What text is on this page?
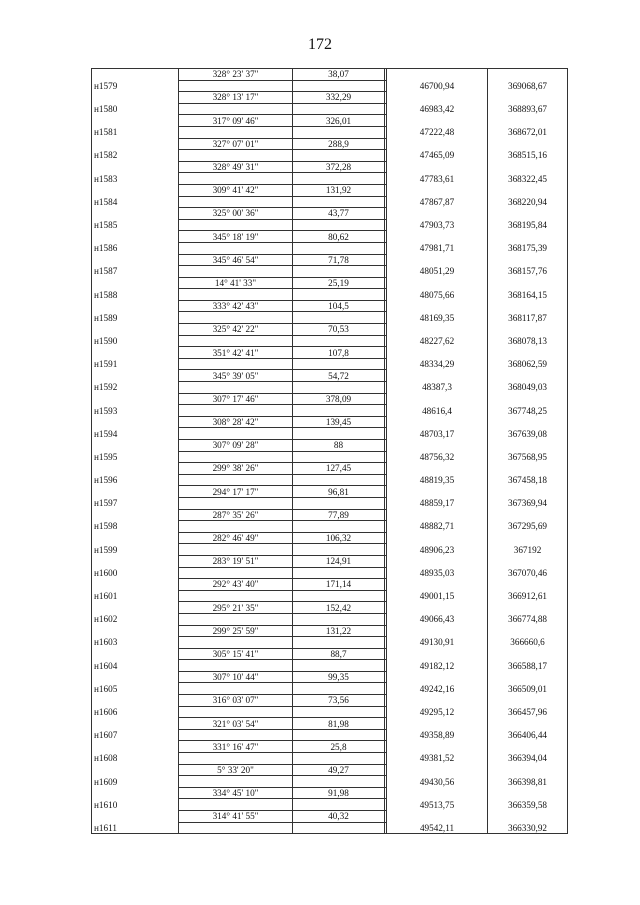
172
	328° 23' 37"	38,07			
н1579				46700,94	369068,67
	328° 13' 17"	332,29			
н1580				46983,42	368893,67
	317° 09' 46"	326,01			
н1581				47222,48	368672,01
	327° 07' 01"	288,9			
н1582				47465,09	368515,16
	328° 49' 31"	372,28			
н1583				47783,61	368322,45
	309° 41' 42"	131,92			
н1584				47867,87	368220,94
	325° 00' 36"	43,77			
н1585				47903,73	368195,84
	345° 18' 19"	80,62			
н1586				47981,71	368175,39
	345° 46' 54"	71,78			
н1587				48051,29	368157,76
	14° 41' 33"	25,19			
н1588				48075,66	368164,15
	333° 42' 43"	104,5			
н1589				48169,35	368117,87
	325° 42' 22"	70,53			
н1590				48227,62	368078,13
	351° 42' 41"	107,8			
н1591				48334,29	368062,59
	345° 39' 05"	54,72			
н1592				48387,3	368049,03
	307° 17' 46"	378,09			
н1593				48616,4	367748,25
	308° 28' 42"	139,45			
н1594				48703,17	367639,08
	307° 09' 28"	88			
н1595				48756,32	367568,95
	299° 38' 26"	127,45			
н1596				48819,35	367458,18
	294° 17' 17"	96,81			
н1597				48859,17	367369,94
	287° 35' 26"	77,89			
н1598				48882,71	367295,69
	282° 46' 49"	106,32			
н1599				48906,23	367192
	283° 19' 51"	124,91			
н1600				48935,03	367070,46
	292° 43' 40"	171,14			
н1601				49001,15	366912,61
	295° 21' 35"	152,42			
н1602				49066,43	366774,88
	299° 25' 59"	131,22			
н1603				49130,91	366660,6
	305° 15' 41"	88,7			
н1604				49182,12	366588,17
	307° 10' 44"	99,35			
н1605				49242,16	366509,01
	316° 03' 07"	73,56			
н1606				49295,12	366457,96
	321° 03' 54"	81,98			
н1607				49358,89	366406,44
	331° 16' 47"	25,8			
н1608				49381,52	366394,04
	5° 33' 20"	49,27			
н1609				49430,56	366398,81
	334° 45' 10"	91,98			
н1610				49513,75	366359,58
	314° 41' 55"	40,32			
н1611				49542,11	366330,92
